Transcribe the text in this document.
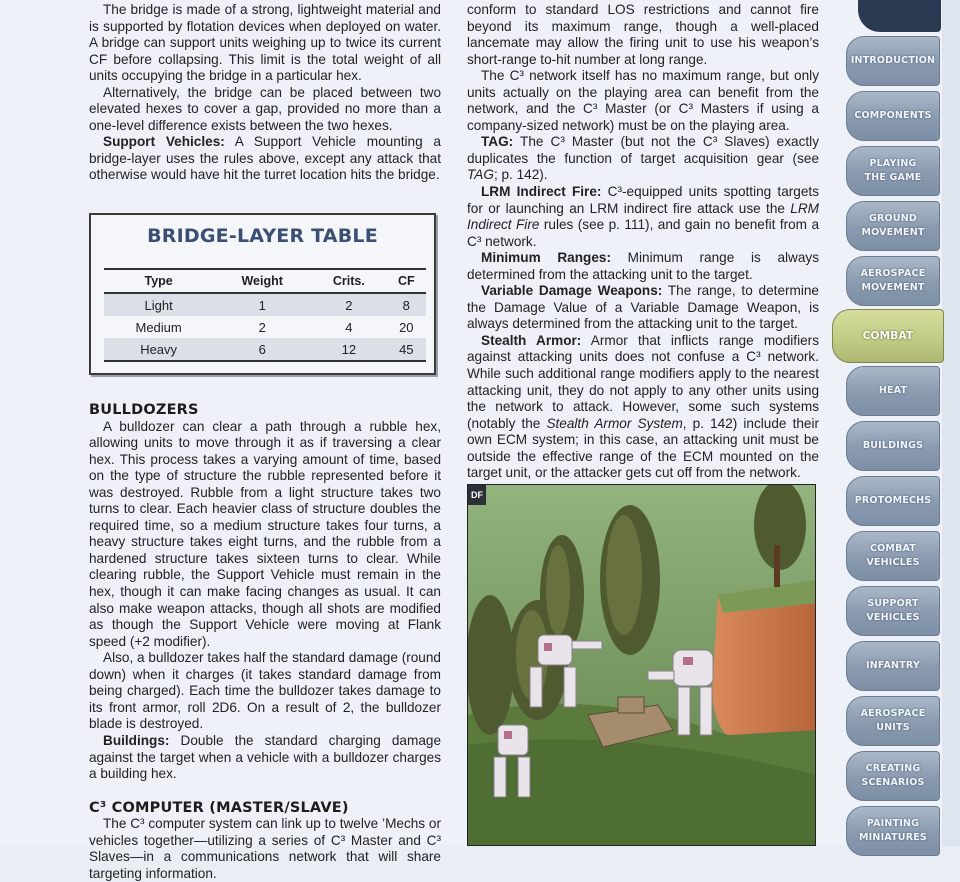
The bridge is made of a strong, lightweight material and is supported by flotation devices when deployed on water. A bridge can support units weighing up to twice its current CF before collapsing. This limit is the total weight of all units occupying the bridge in a particular hex.

Alternatively, the bridge can be placed between two elevated hexes to cover a gap, provided no more than a one-level difference exists between the two hexes.

Support Vehicles: A Support Vehicle mounting a bridge-layer uses the rules above, except any attack that otherwise would have hit the turret location hits the bridge.

BULLDOZERS

A bulldozer can clear a path through a rubble hex, allowing units to move through it as if traversing a clear hex. This process takes a varying amount of time, based on the type of structure the rubble represented before it was destroyed. Rubble from a light structure takes two turns to clear. Each heavier class of structure doubles the required time, so a medium structure takes four turns, a heavy structure takes eight turns, and the rubble from a hardened structure takes sixteen turns to clear. While clearing rubble, the Support Vehicle must remain in the hex, though it can make facing changes as usual. It can also make weapon attacks, though all shots are modified as though the Support Vehicle were moving at Flank speed (+2 modifier).

Also, a bulldozer takes half the standard damage (round down) when it charges (it takes standard damage from being charged). Each time the bulldozer takes damage to its front armor, roll 2D6. On a result of 2, the bulldozer blade is destroyed.

Buildings: Double the standard charging damage against the target when a vehicle with a bulldozer charges a building hex.

C³ COMPUTER (MASTER/SLAVE)

The C³ computer system can link up to twelve ’Mechs or vehicles together—utilizing a series of C³ Master and C³ Slaves—in a communications network that will share targeting information.

BRIDGE-LAYER TABLE
Type	Weight	Crits.	CF
Light	1	2	8
Medium	2	4	20
Heavy	6	12	45

conform to standard LOS restrictions and cannot fire beyond its maximum range, though a well-placed lancemate may allow the firing unit to use his weapon’s short-range to-hit number at long range.

The C³ network itself has no maximum range, but only units actually on the playing area can benefit from the network, and the C³ Master (or C³ Masters if using a company-sized network) must be on the playing area.

TAG: The C³ Master (but not the C³ Slaves) exactly duplicates the function of target acquisition gear (see TAG; p. 142).

LRM Indirect Fire: C³-equipped units spotting targets for or launching an LRM indirect fire attack use the LRM Indirect Fire rules (see p. 111), and gain no benefit from a C³ network.

Minimum Ranges: Minimum range is always determined from the attacking unit to the target.

Variable Damage Weapons: The range, to determine the Damage Value of a Variable Damage Weapon, is always determined from the attacking unit to the target.

Stealth Armor: Armor that inflicts range modifiers against attacking units does not confuse a C³ network. While such additional range modifiers apply to the nearest attacking unit, they do not apply to any other units using the network to attack. However, some such systems (notably the Stealth Armor System, p. 142) include their own ECM system; in this case, an attacking unit must be outside the effective range of the ECM mounted on the target unit, or the attacker gets cut off from the network.

DF
INTRODUCTION
COMPONENTS
PLAYING THE GAME
GROUND MOVEMENT
AEROSPACE MOVEMENT
COMBAT
HEAT
BUILDINGS
PROTOMECHS
COMBAT VEHICLES
SUPPORT VEHICLES
INFANTRY
AEROSPACE UNITS
CREATING SCENARIOS
PAINTING MINIATURES
